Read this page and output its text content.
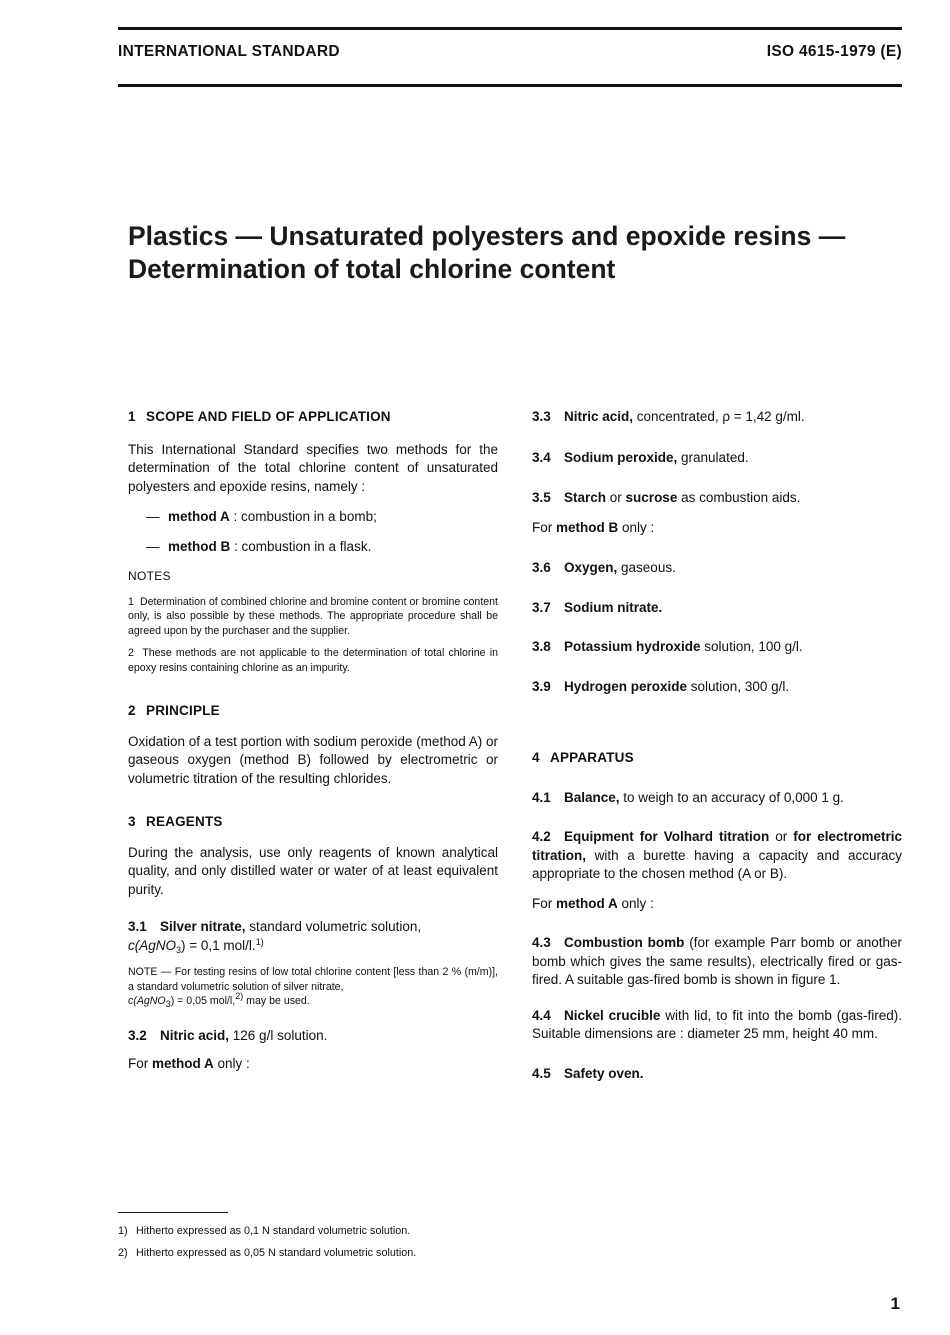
INTERNATIONAL STANDARD	ISO 4615-1979 (E)
Plastics — Unsaturated polyesters and epoxide resins —
Determination of total chlorine content
1 SCOPE AND FIELD OF APPLICATION
This International Standard specifies two methods for the determination of the total chlorine content of unsaturated polyesters and epoxide resins, namely :
— method A : combustion in a bomb;
— method B : combustion in a flask.
NOTES
1 Determination of combined chlorine and bromine content or bromine content only, is also possible by these methods. The appropriate procedure shall be agreed upon by the purchaser and the supplier.
2 These methods are not applicable to the determination of total chlorine in epoxy resins containing chlorine as an impurity.
2 PRINCIPLE
Oxidation of a test portion with sodium peroxide (method A) or gaseous oxygen (method B) followed by electrometric or volumetric titration of the resulting chlorides.
3 REAGENTS
During the analysis, use only reagents of known analytical quality, and only distilled water or water of at least equivalent purity.
3.1 Silver nitrate, standard volumetric solution,
c(AgNO$_3$) = 0,1 mol/l.$^{1)}$
NOTE — For testing resins of low total chlorine content [less than 2 % (m/m)], a standard volumetric solution of silver nitrate,
c(AgNO$_3$) = 0,05 mol/l,$^{2)}$ may be used.
3.2 Nitric acid, 126 g/l solution.
For method A only :
3.3 Nitric acid, concentrated, ρ = 1,42 g/ml.
3.4 Sodium peroxide, granulated.
3.5 Starch or sucrose as combustion aids.
For method B only :
3.6 Oxygen, gaseous.
3.7 Sodium nitrate.
3.8 Potassium hydroxide solution, 100 g/l.
3.9 Hydrogen peroxide solution, 300 g/l.
4 APPARATUS
4.1 Balance, to weigh to an accuracy of 0,000 1 g.
4.2 Equipment for Volhard titration or for electrometric titration, with a burette having a capacity and accuracy appropriate to the chosen method (A or B).
For method A only :
4.3 Combustion bomb (for example Parr bomb or another bomb which gives the same results), electrically fired or gas-fired. A suitable gas-fired bomb is shown in figure 1.
4.4 Nickel crucible with lid, to fit into the bomb (gas-fired). Suitable dimensions are : diameter 25 mm, height 40 mm.
4.5 Safety oven.
1) Hitherto expressed as 0,1 N standard volumetric solution.
2) Hitherto expressed as 0,05 N standard volumetric solution.
1
